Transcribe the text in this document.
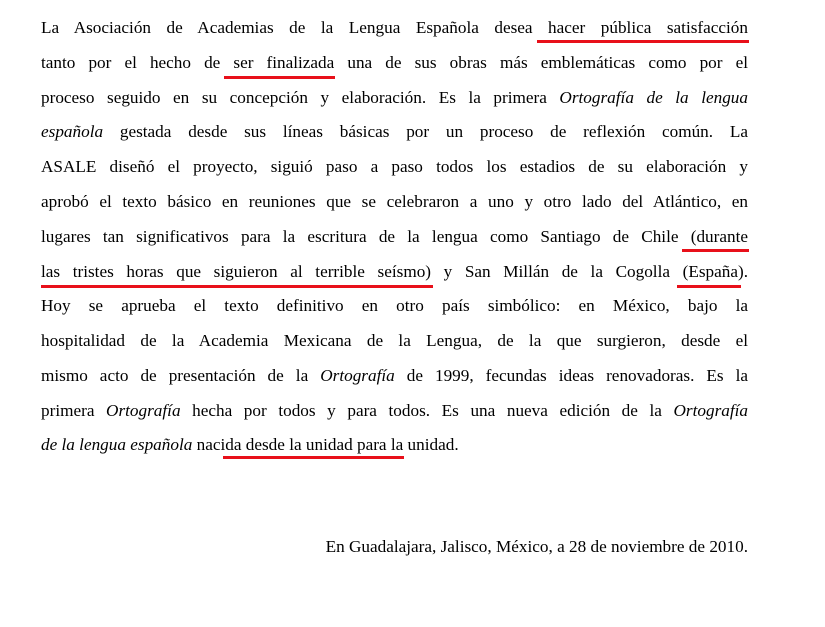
La Asociación de Academias de la Lengua Española desea hacer pública satisfacción
tanto por el hecho de ser finalizada una de sus obras más emblemáticas como por el
proceso seguido en su concepción y elaboración. Es la primera Ortografía de la lengua
española gestada desde sus líneas básicas por un proceso de reflexión común. La
ASALE diseñó el proyecto, siguió paso a paso todos los estadios de su elaboración y
aprobó el texto básico en reuniones que se celebraron a uno y otro lado del Atlántico, en
lugares tan significativos para la escritura de la lengua como Santiago de Chile (durante
las tristes horas que siguieron al terrible seísmo) y San Millán de la Cogolla (España).
Hoy se aprueba el texto definitivo en otro país simbólico: en México, bajo la
hospitalidad de la Academia Mexicana de la Lengua, de la que surgieron, desde el
mismo acto de presentación de la Ortografía de 1999, fecundas ideas renovadoras. Es la
primera Ortografía hecha por todos y para todos. Es una nueva edición de la Ortografía
de la lengua española nacida desde la unidad para la unidad.
En Guadalajara, Jalisco, México, a 28 de noviembre de 2010.
